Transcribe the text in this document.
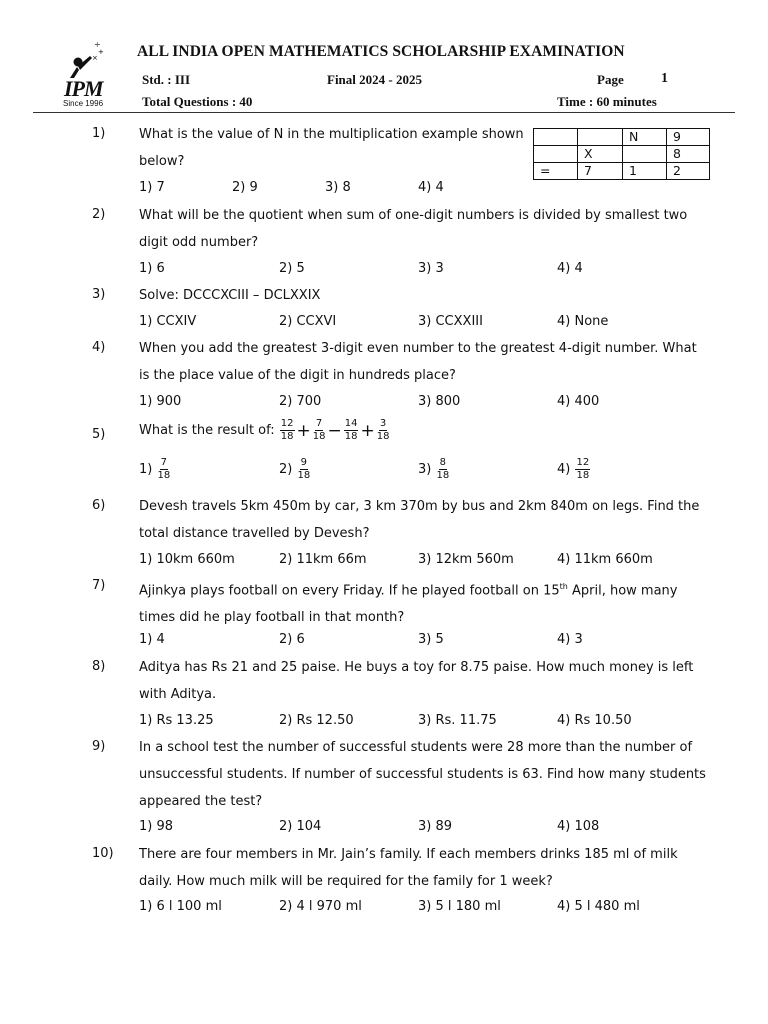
÷
+
×
IPM
Since 1996
ALL INDIA OPEN MATHEMATICS SCHOLARSHIP EXAMINATION
Std. : III	Final 2024 - 2025	Page	1
Total Questions : 40	Time : 60 minutes
		N	9
	X		8
=	7	1	2
1)	What is the value of N in the multiplication example shown
below?
1) 7	2) 9	3) 8	4) 4
2)	What will be the quotient when sum of one-digit numbers is divided by smallest two
digit odd number?
1) 6	2) 5	3) 3	4) 4
3)	Solve: DCCCXCIII – DCLXXIX
1) CCXIV	2) CCXVI	3) CCXXIII	4) None
4)	When you add the greatest 3-digit even number to the greatest 4-digit number. What
is the place value of the digit in hundreds place?
1) 900	2) 700	3) 800	4) 400
5)	What is the result of: $\frac{12}{18} + \frac{7}{18} - \frac{14}{18} + \frac{3}{18}$
$1) \frac{7}{18}$	$2) \frac{9}{18}$	$3) \frac{8}{18}$	$4) \frac{12}{18}$
6)	Devesh travels 5km 450m by car, 3 km 370m by bus and 2km 840m on legs. Find the
total distance travelled by Devesh?
1) 10km 660m	2) 11km 66m	3) 12km 560m	4) 11km 660m
7)	Ajinkya plays football on every Friday. If he played football on 15th April, how many
times did he play football in that month?
1) 4	2) 6	3) 5	4) 3
8)	Aditya has Rs 21 and 25 paise. He buys a toy for 8.75 paise. How much money is left
with Aditya.
1) Rs 13.25	2) Rs 12.50	3) Rs. 11.75	4) Rs 10.50
9)	In a school test the number of successful students were 28 more than the number of
unsuccessful students. If number of successful students is 63. Find how many students
appeared the test?
1) 98	2) 104	3) 89	4) 108
10) There are four members in Mr. Jain’s family. If each members drinks 185 ml of milk
daily. How much milk will be required for the family for 1 week?
1) 6 l 100 ml	2) 4 l 970 ml	3) 5 l 180 ml	4) 5 l 480 ml
